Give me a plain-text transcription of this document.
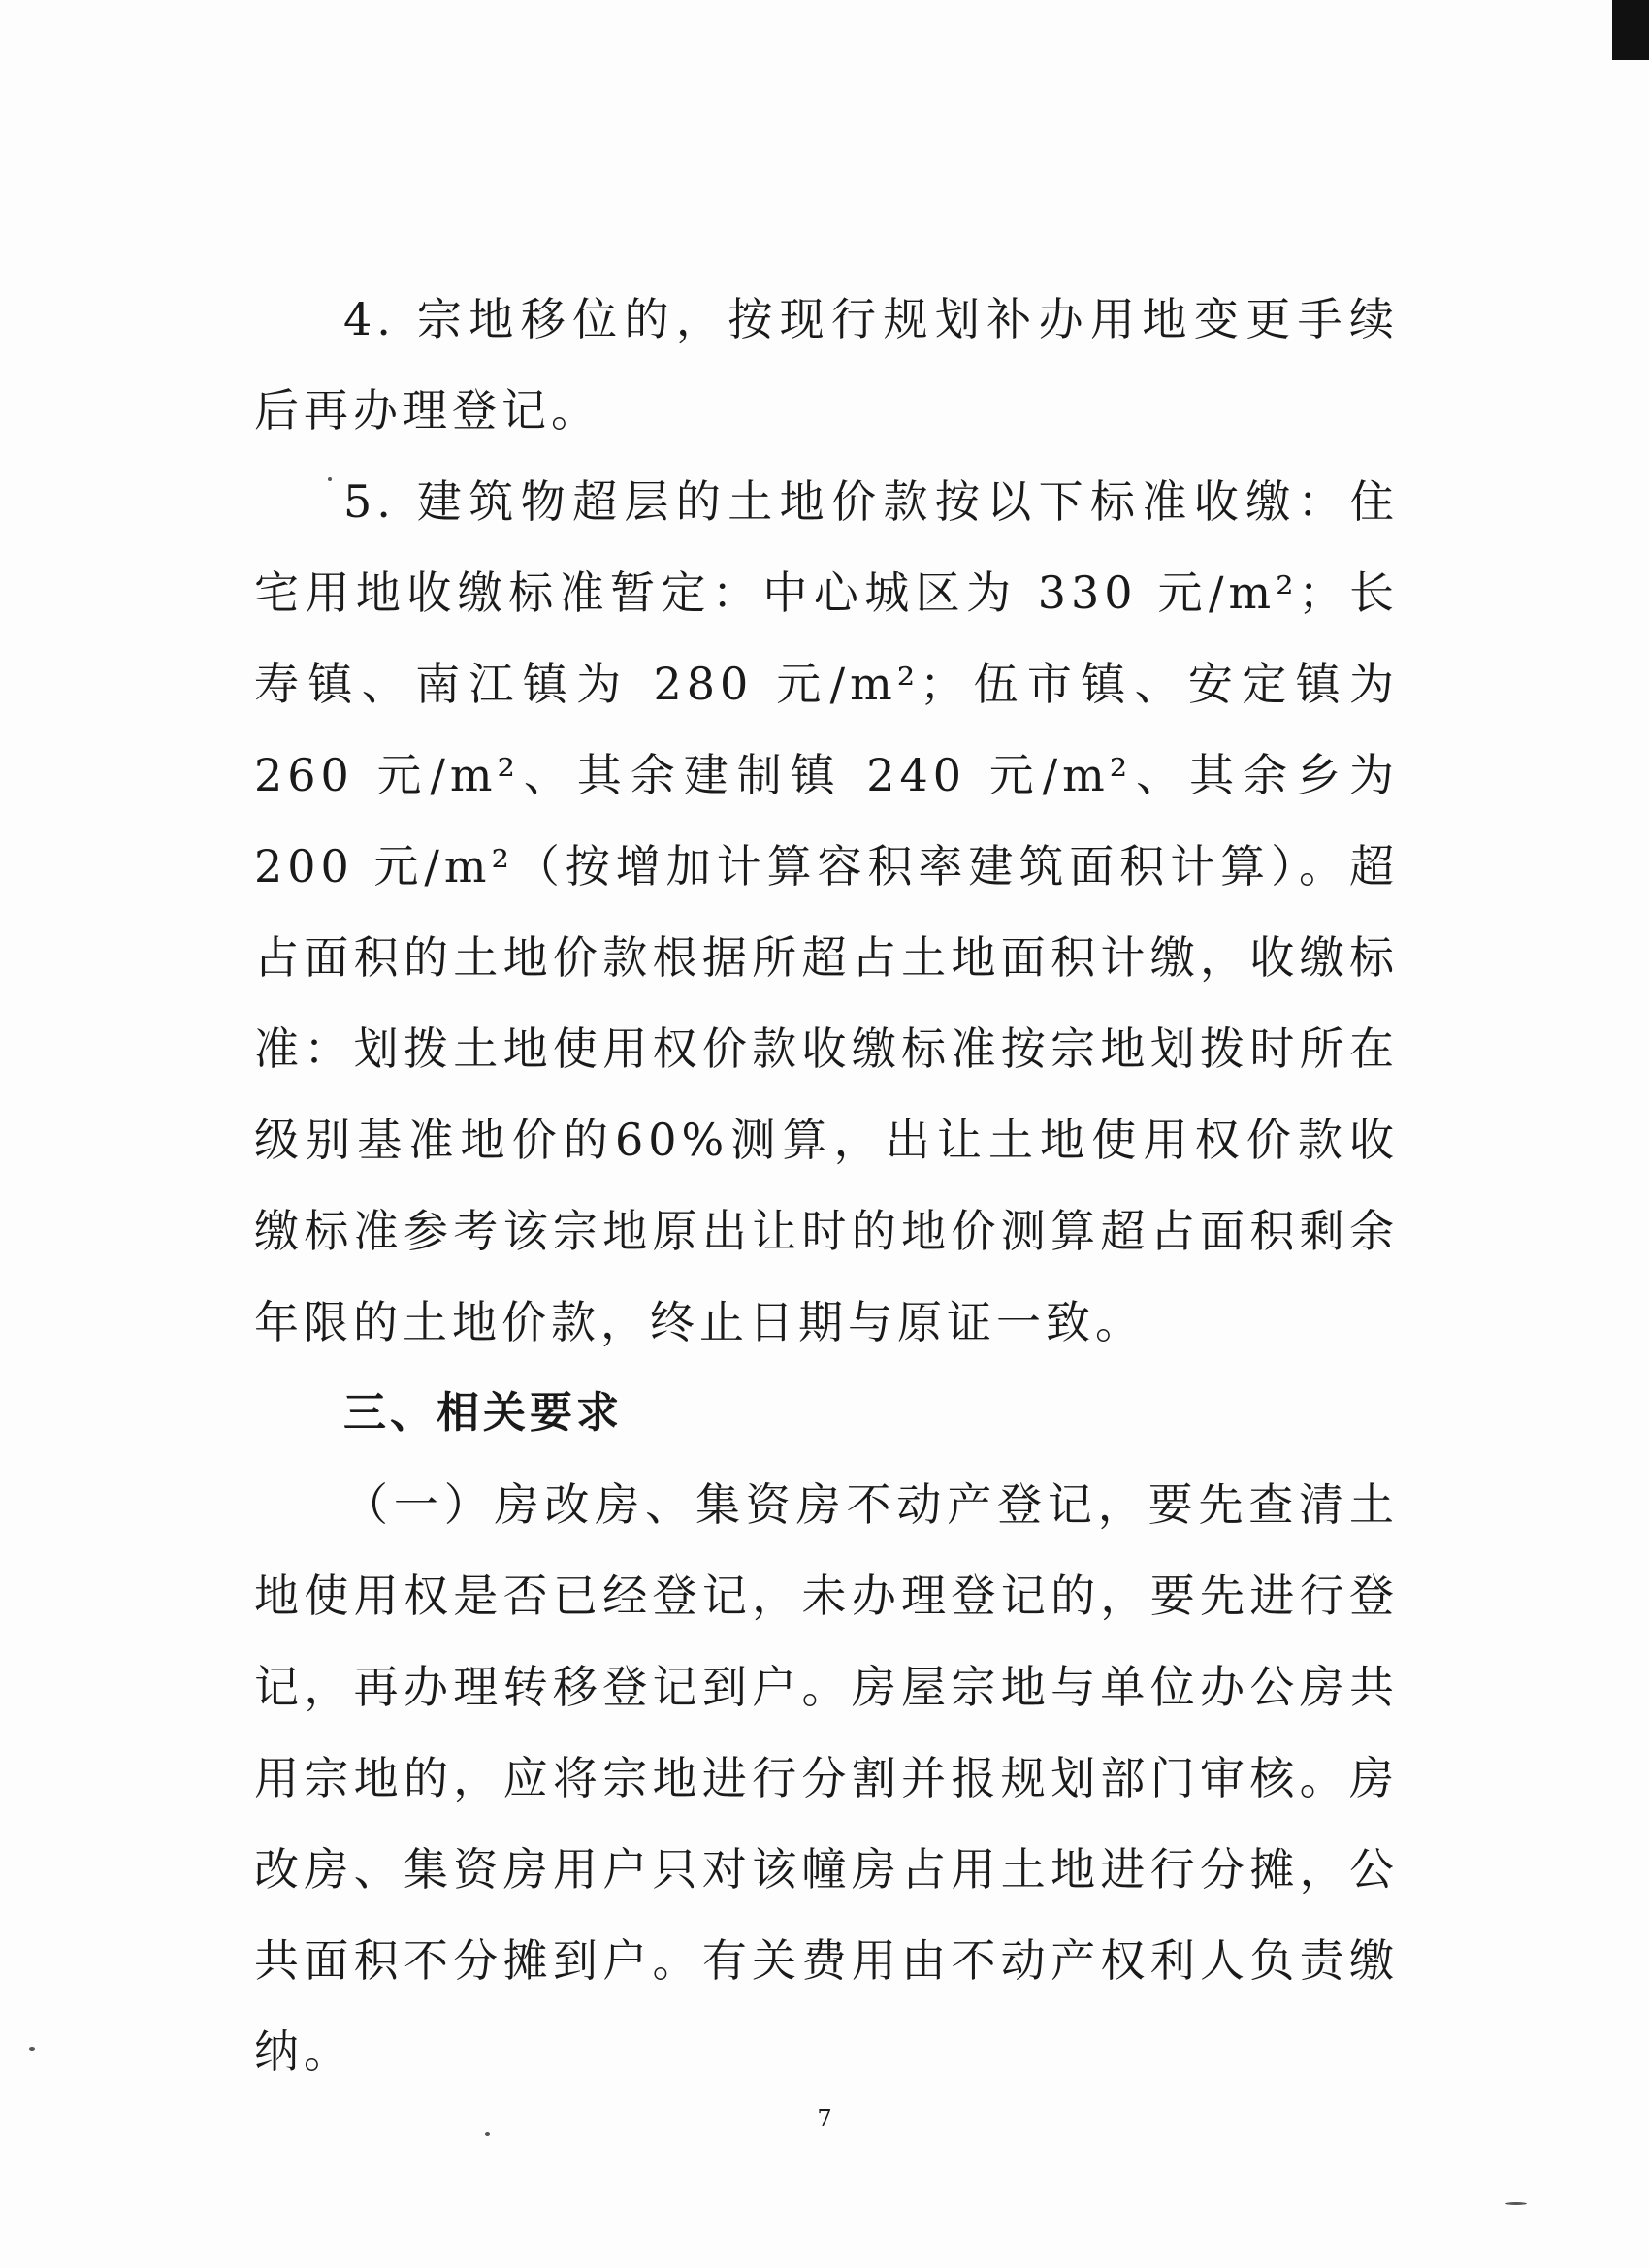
4. 宗地移位的，按现行规划补办用地变更手续后再办理登记。

5. 建筑物超层的土地价款按以下标准收缴：住宅用地收缴标准暂定：中心城区为 330 元/m²；长寿镇、南江镇为 280 元/m²；伍市镇、安定镇为 260 元/m²、其余建制镇 240 元/m²、其余乡为 200 元/m²（按增加计算容积率建筑面积计算）。超占面积的土地价款根据所超占土地面积计缴，收缴标准：划拨土地使用权价款收缴标准按宗地划拨时所在级别基准地价的60%测算，出让土地使用权价款收缴标准参考该宗地原出让时的地价测算超占面积剩余年限的土地价款，终止日期与原证一致。

三、相关要求

（一）房改房、集资房不动产登记，要先查清土地使用权是否已经登记，未办理登记的，要先进行登记，再办理转移登记到户。房屋宗地与单位办公房共用宗地的，应将宗地进行分割并报规划部门审核。房改房、集资房用户只对该幢房占用土地进行分摊，公共面积不分摊到户。有关费用由不动产权利人负责缴纳。

7
